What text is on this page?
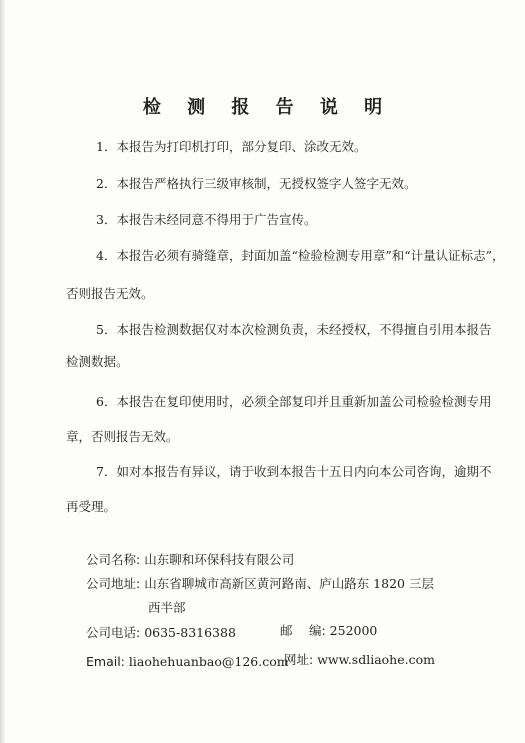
检 测 报 告 说 明
1．本报告为打印机打印，部分复印、涂改无效。
2．本报告严格执行三级审核制，无授权签字人签字无效。
3．本报告未经同意不得用于广告宣传。
4．本报告必须有骑缝章，封面加盖“检验检测专用章”和“计量认证标志”，
否则报告无效。
5．本报告检测数据仅对本次检测负责，未经授权，不得擅自引用本报告
检测数据。
6．本报告在复印使用时，必须全部复印并且重新加盖公司检验检测专用
章，否则报告无效。
7．如对本报告有异议，请于收到本报告十五日内向本公司咨询，逾期不
再受理。
公司名称: 山东聊和环保科技有限公司
公司地址: 山东省聊城市高新区黄河路南、庐山路东 1820 三层
西半部
公司电话: 0635-8316388	邮　 编: 252000
Email: liaohehuanbao@126.com
网址: www.sdliaohe.com
